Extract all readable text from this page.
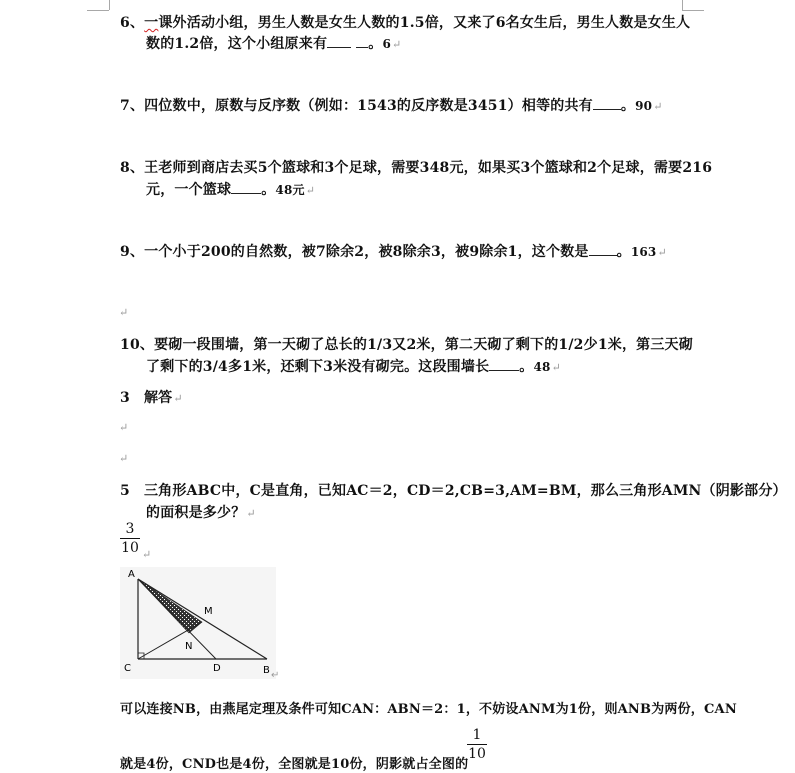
6、一课外活动小组，男生人数是女生人数的1.5倍，又来了6名女生后，男生人数是女生人
数的1.2倍，这个小组原来有	。6↵
7、四位数中，原数与反序数（例如：1543的反序数是3451）相等的共有 。90↵
8、王老师到商店去买5个篮球和3个足球，需要348元，如果买3个篮球和2个足球，需要216
元，一个篮球 。48元↵
9、一个小于200的自然数，被7除余2，被8除余3，被9除余1，这个数是 。163↵
↵
10、要砌一段围墙，第一天砌了总长的1/3又2米，第二天砌了剩下的1/2少1米，第三天砌
了剩下的3/4多1米，还剩下3米没有砌完。这段围墙长 。48↵
3 解答↵
↵
↵
5 三角形ABC中，C是直角，已知AC＝2，CD＝2,CB=3,AM=BM，那么三角形AMN（阴影部分）
的面积是多少？↵
3
10 ↵
A
M
N
C	D	B ↵
可以连接NB，由燕尾定理及条件可知CAN：ABN＝2：1，不妨设ANM为1份，则ANB为两份，CAN
就是4份，CND也是4份，全图就是10份，阴影就占全图的
1
10
